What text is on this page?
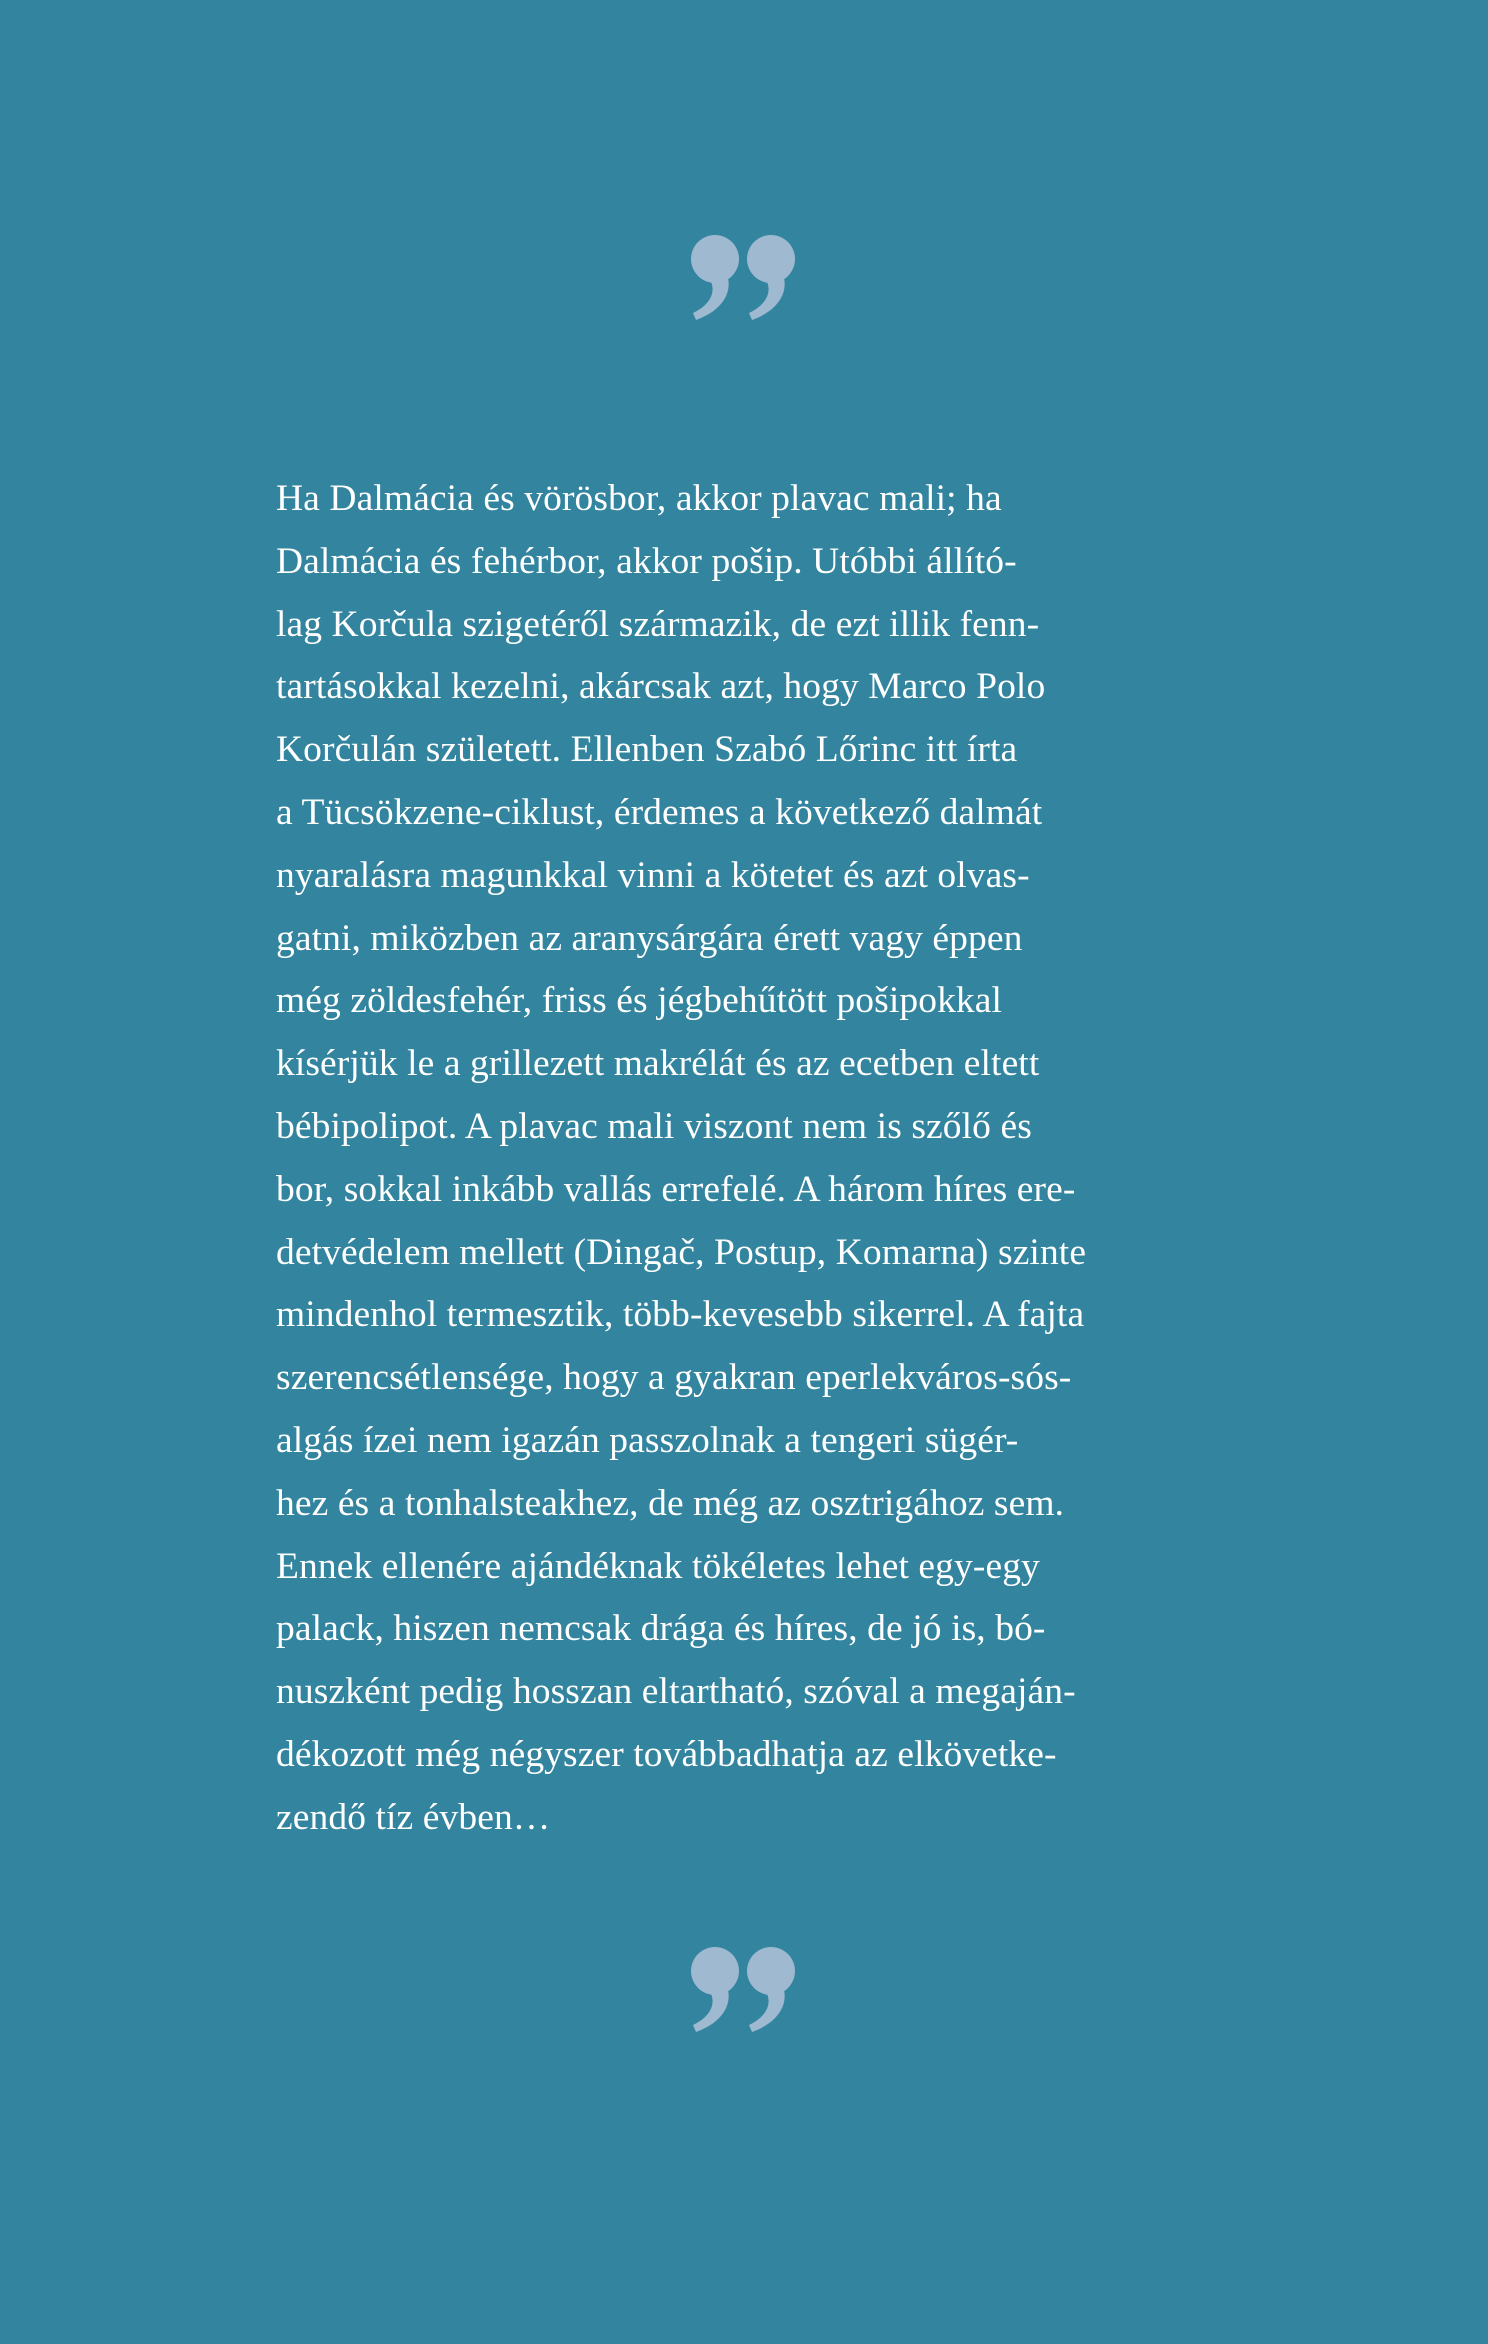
Ha Dalmácia és vörösbor, akkor plavac mali; ha
Dalmácia és fehérbor, akkor pošip. Utóbbi állító-
lag Korčula szigetéről származik, de ezt illik fenn-
tartásokkal kezelni, akárcsak azt, hogy Marco Polo
Korčulán született. Ellenben Szabó Lőrinc itt írta
a Tücsökzene-ciklust, érdemes a következő dalmát
nyaralásra magunkkal vinni a kötetet és azt olvas-
gatni, miközben az aranysárgára érett vagy éppen
még zöldesfehér, friss és jégbehűtött pošipokkal
kísérjük le a grillezett makrélát és az ecetben eltett
bébipolipot. A plavac mali viszont nem is szőlő és
bor, sokkal inkább vallás errefelé. A három híres ere-
detvédelem mellett (Dingač, Postup, Komarna) szinte
mindenhol termesztik, több-kevesebb sikerrel. A fajta
szerencsétlensége, hogy a gyakran eperlekváros-sós-
algás ízei nem igazán passzolnak a tengeri sügér-
hez és a tonhalsteakhez, de még az osztrigához sem.
Ennek ellenére ajándéknak tökéletes lehet egy-egy
palack, hiszen nemcsak drága és híres, de jó is, bó-
nuszként pedig hosszan eltartható, szóval a megaján-
dékozott még négyszer továbbadhatja az elkövetke-
zendő tíz évben…
